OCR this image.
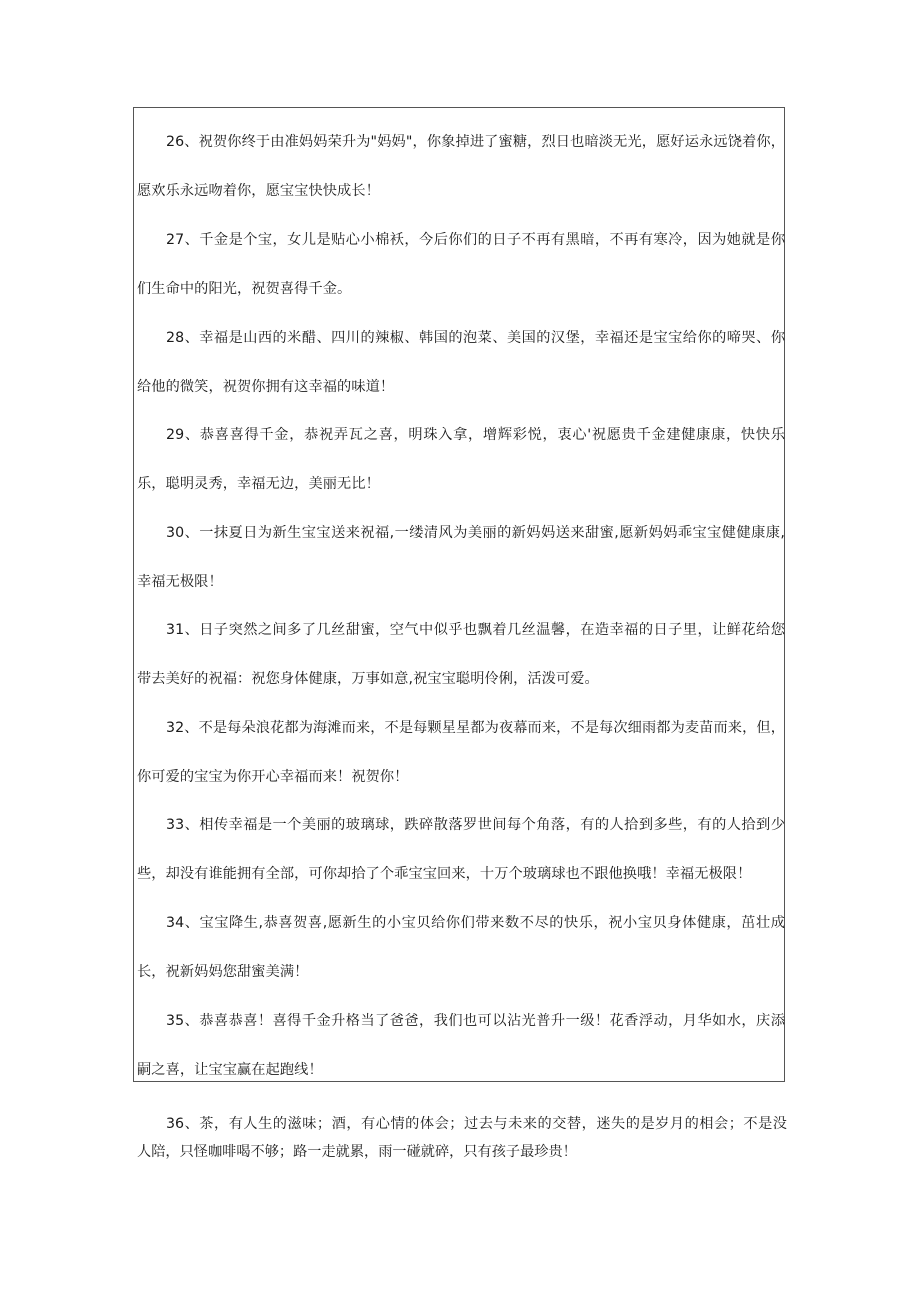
26、祝贺你终于由准妈妈荣升为"妈妈"，你象掉进了蜜糖，烈日也暗淡无光，愿好运永远饶着你，
愿欢乐永远吻着你，愿宝宝快快成长！

27、千金是个宝，女儿是贴心小棉袄，今后你们的日子不再有黑暗，不再有寒冷，因为她就是你
们生命中的阳光，祝贺喜得千金。

28、幸福是山西的米醋、四川的辣椒、韩国的泡菜、美国的汉堡，幸福还是宝宝给你的啼哭、你
给他的微笑，祝贺你拥有这幸福的味道！

29、恭喜喜得千金，恭祝弄瓦之喜，明珠入拿，增辉彩悦，衷心'祝愿贵千金建健康康，快快乐
乐，聪明灵秀，幸福无边，美丽无比！

30、一抹夏日为新生宝宝送来祝福,一缕清风为美丽的新妈妈送来甜蜜,愿新妈妈乖宝宝健健康康,
幸福无极限！

31、日子突然之间多了几丝甜蜜，空气中似乎也飘着几丝温馨，在造幸福的日子里，让鲜花给您
带去美好的祝福：祝您身体健康，万事如意,祝宝宝聪明伶俐，活泼可爱。

32、不是每朵浪花都为海滩而来，不是每颗星星都为夜幕而来，不是每次细雨都为麦苗而来，但，
你可爱的宝宝为你开心幸福而来！祝贺你！

33、相传幸福是一个美丽的玻璃球，跌碎散落罗世间每个角落，有的人拾到多些，有的人拾到少
些，却没有谁能拥有全部，可你却拾了个乖宝宝回来，十万个玻璃球也不跟他换哦！幸福无极限！

34、宝宝降生,恭喜贺喜,愿新生的小宝贝给你们带来数不尽的快乐，祝小宝贝身体健康，茁壮成
长，祝新妈妈您甜蜜美满！

35、恭喜恭喜！喜得千金升格当了爸爸，我们也可以沾光普升一级！花香浮动，月华如水，庆添
嗣之喜，让宝宝赢在起跑线！

36、茶，有人生的滋味；酒，有心情的体会；过去与未来的交替，迷失的是岁月的相会；不是没
人陪，只怪咖啡喝不够；路一走就累，雨一碰就碎，只有孩子最珍贵！
